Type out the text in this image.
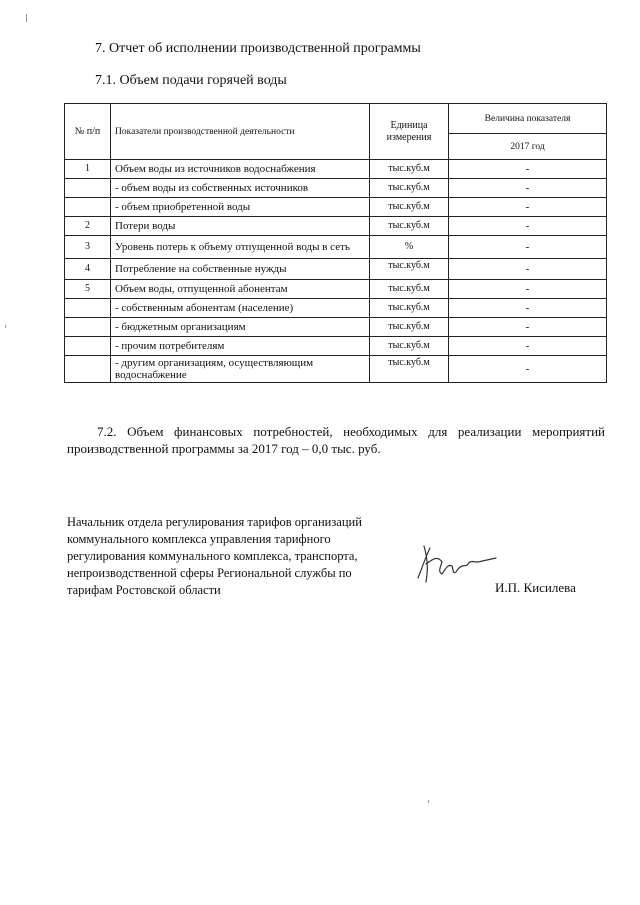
7. Отчет об исполнении производственной программы
7.1. Объем подачи горячей воды
№ п/п	Показатели производственной деятельности	Единица измерения	Величина показателя
			2017 год
1	Объем воды из источников водоснабжения	тыс.куб.м	-
	- объем воды из собственных источников	тыс.куб.м	-
	- объем приобретенной воды	тыс.куб.м	-
2	Потери воды	тыс.куб.м	-
3	Уровень потерь к объему отпущенной воды в сеть	%	-
4	Потребление на собственные нужды	тыс.куб.м	-
5	Объем воды, отпущенной абонентам	тыс.куб.м	-
	- собственным абонентам (население)	тыс.куб.м	-
	- бюджетным организациям	тыс.куб.м	-
	- прочим потребителям	тыс.куб.м	-
	- другим организациям, осуществляющим водоснабжение	тыс.куб.м	-
7.2. Объем финансовых потребностей, необходимых для реализации мероприятий производственной программы за 2017 год – 0,0 тыс. руб.
Начальник отдела регулирования тарифов организаций коммунального комплекса управления тарифного регулирования коммунального комплекса, транспорта, непроизводственной сферы Региональной службы по тарифам Ростовской области	И.П. Кисилева
